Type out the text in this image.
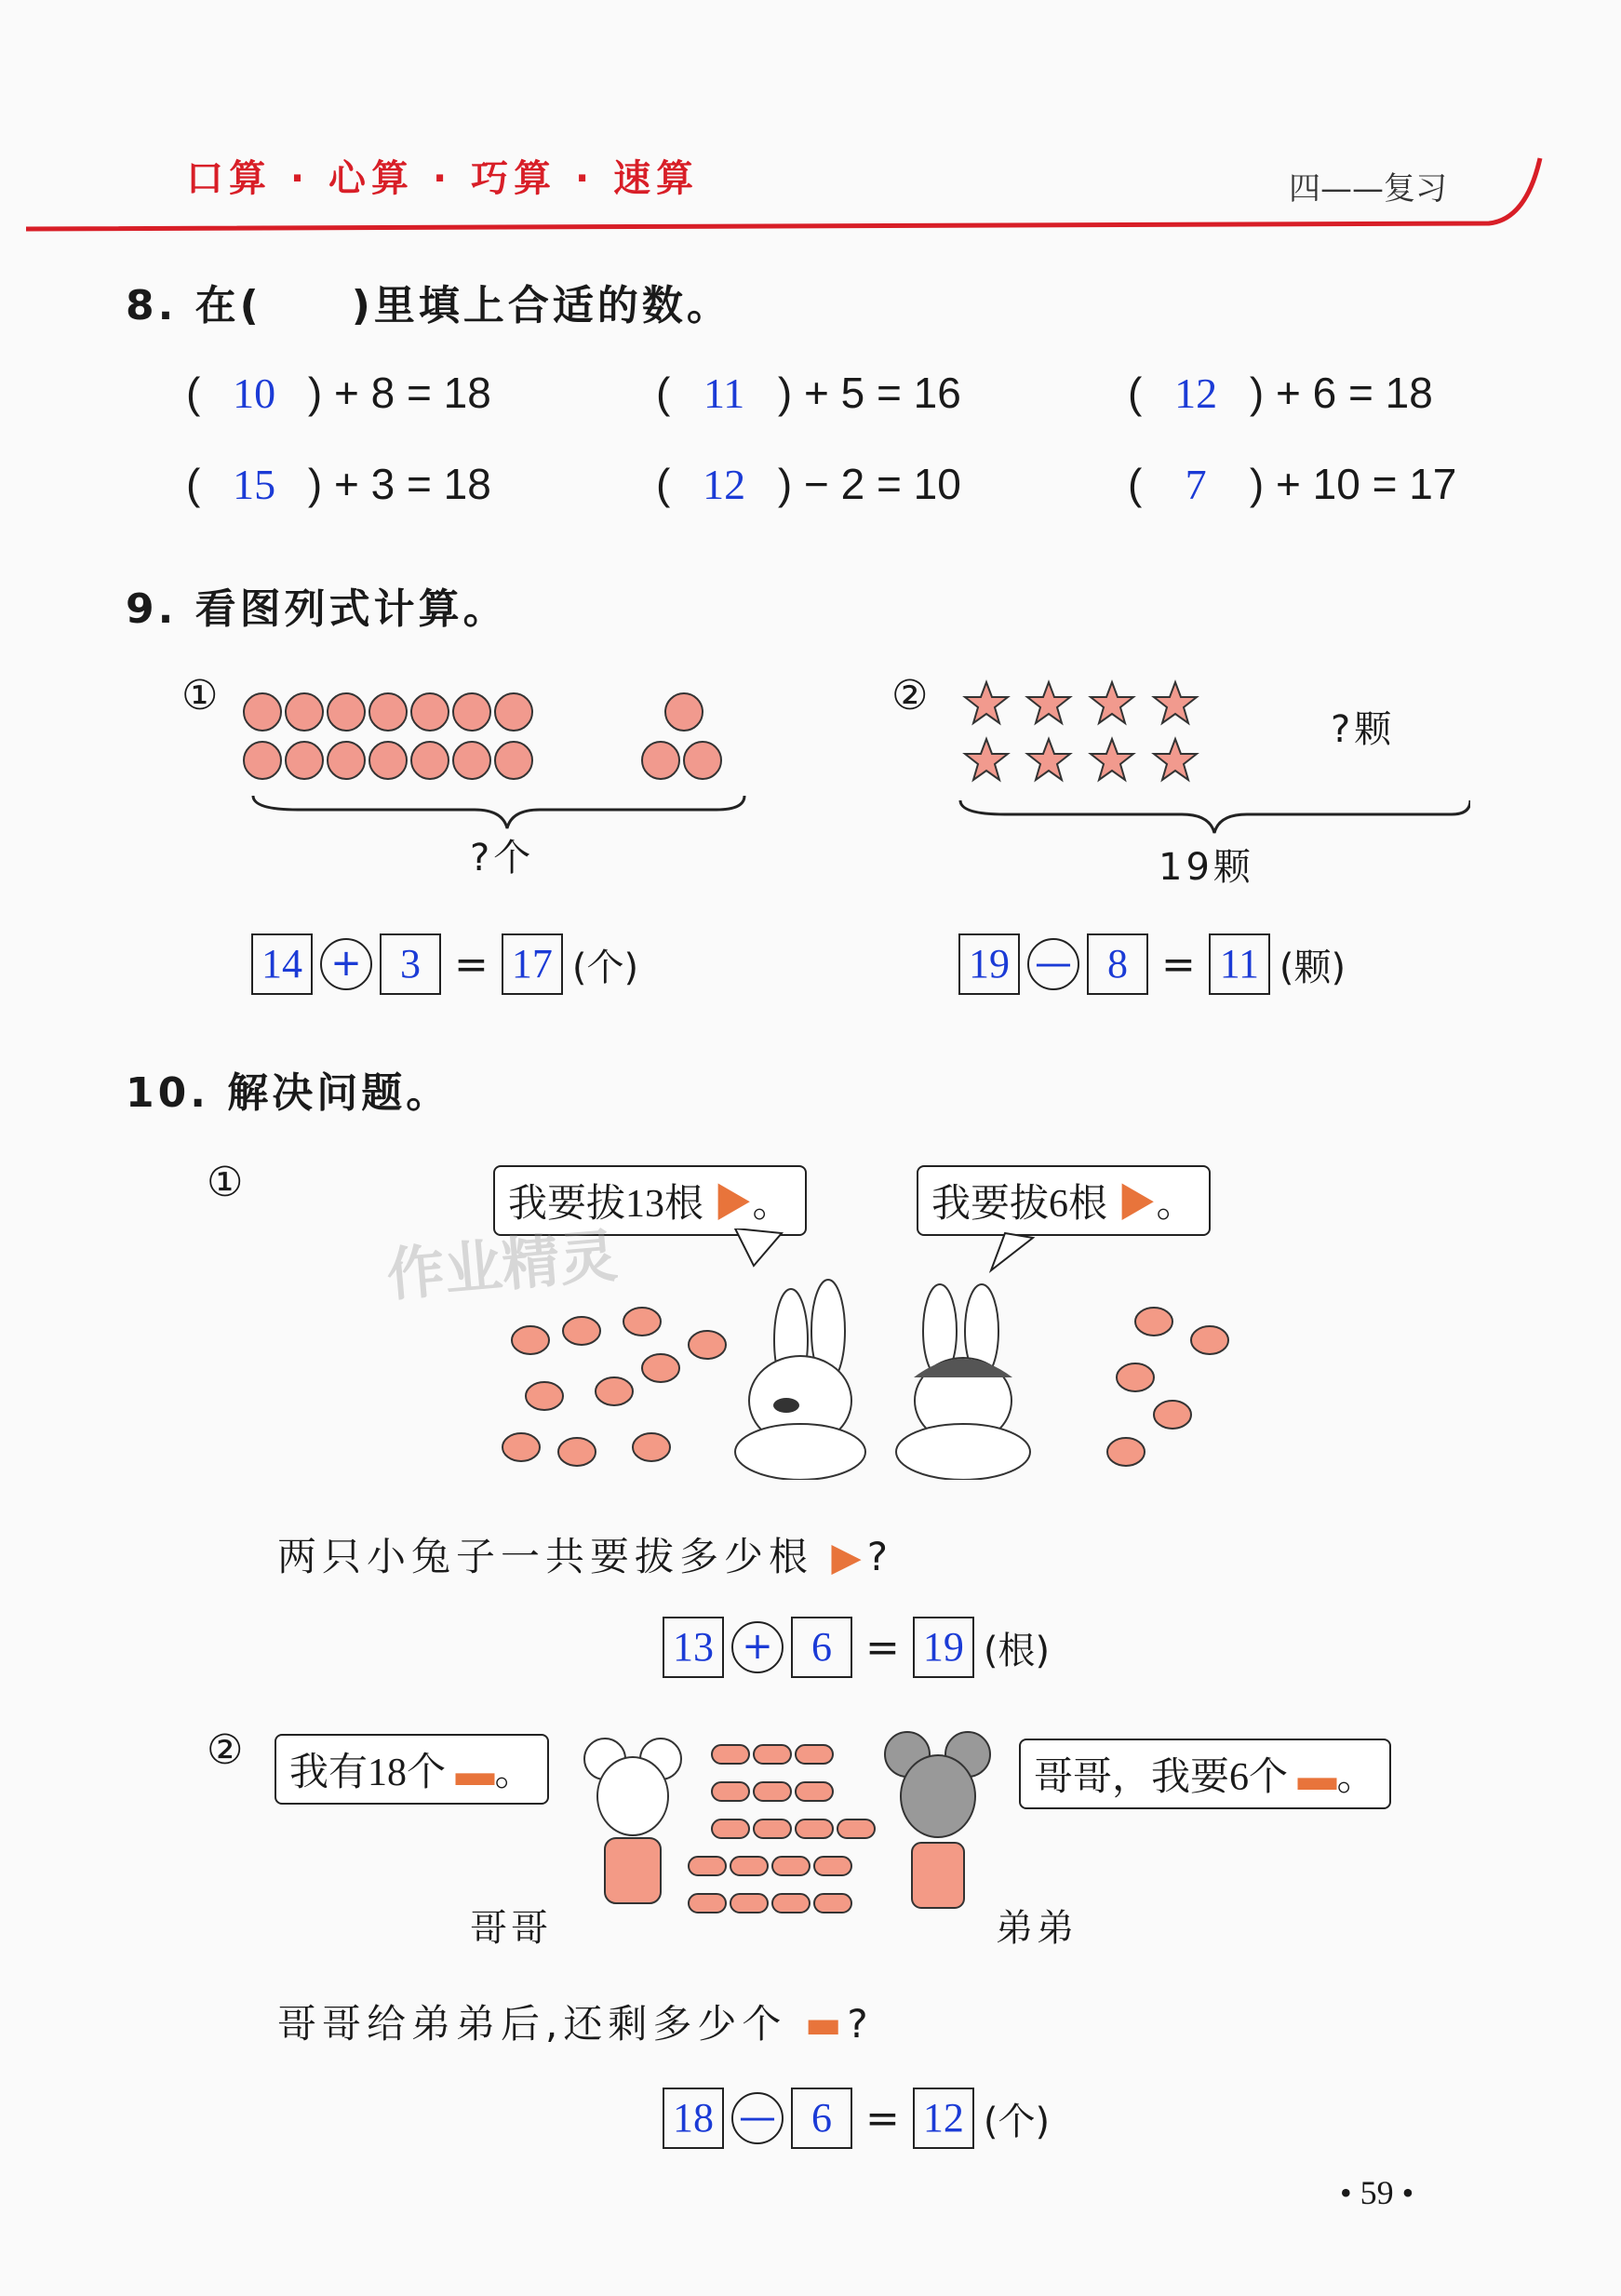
口算 · 心算 · 巧算 · 速算	四——复习
8. 在(　　)里填上合适的数。
( 10 ) + 8 = 18	( 11 ) + 5 = 16	( 12 ) + 6 = 18
( 15 ) + 3 = 18	( 12 ) − 2 = 10	( 7 ) + 10 = 17
9. 看图列式计算。
①
?个
14 + 3 = 17 (个)
②
?颗
19颗
19 — 8 = 11 (颗)
10. 解决问题。
①	我要拔13根 ▶。	我要拔6根 ▶。
两只小兔子一共要拔多少根 ▶?
13 + 6 = 19 (根)
②	我有18个 ▬。	哥哥，我要6个 ▬。
哥哥	弟弟
哥哥给弟弟后,还剩多少个 ▬?
18 — 6 = 12 (个)
• 59 •
作业精灵
